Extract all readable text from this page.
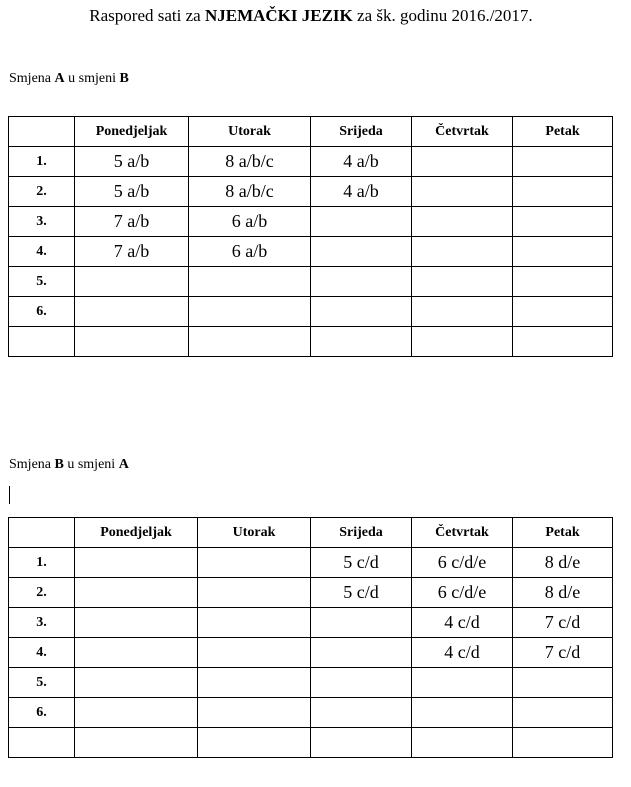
Raspored sati za NJEMAČKI JEZIK za šk. godinu 2016./2017.
Smjena A u smjeni B
	Ponedjeljak	Utorak	Srijeda	Četvrtak	Petak
1.	5 a/b	8 a/b/c	4 a/b		
2.	5 a/b	8 a/b/c	4 a/b		
3.	7 a/b	6 a/b			
4.	7 a/b	6 a/b			
5.					
6.					

Smjena B u smjeni A
	Ponedjeljak	Utorak	Srijeda	Četvrtak	Petak
1.			5 c/d	6 c/d/e	8 d/e
2.			5 c/d	6 c/d/e	8 d/e
3.				4 c/d	7 c/d
4.				4 c/d	7 c/d
5.					
6.					
